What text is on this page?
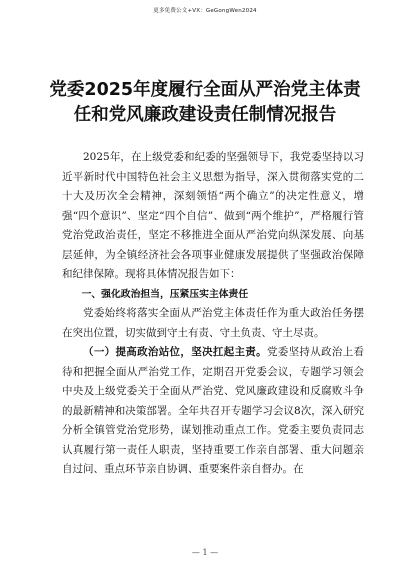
更多免费公文+VX：GeGongWen2024
党委2025年度履行全面从严治党主体责
任和党风廉政建设责任制情况报告

2025年，在上级党委和纪委的坚强领导下，我党委坚持以习近平新时代中国特色社会主义思想为指导，深入贯彻落实党的二十大及历次全会精神，深刻领悟“两个确立”的决定性意义，增强“四个意识”、坚定“四个自信”、做到“两个维护”，严格履行管党治党政治责任，坚定不移推进全面从严治党向纵深发展、向基层延伸，为全镇经济社会各项事业健康发展提供了坚强政治保障和纪律保障。现将具体情况报告如下：

一、强化政治担当，压紧压实主体责任

党委始终将落实全面从严治党主体责任作为重大政治任务摆在突出位置，切实做到守土有责、守土负责、守土尽责。

（一）提高政治站位，坚决扛起主责。党委坚持从政治上看待和把握全面从严治党工作，定期召开党委会议，专题学习领会中央及上级党委关于全面从严治党、党风廉政建设和反腐败斗争的最新精神和决策部署。全年共召开专题学习会议8次，深入研究分析全镇管党治党形势，谋划推动重点工作。党委主要负责同志认真履行第一责任人职责，坚持重要工作亲自部署、重大问题亲自过问、重点环节亲自协调、重要案件亲自督办。在

— 1 —
